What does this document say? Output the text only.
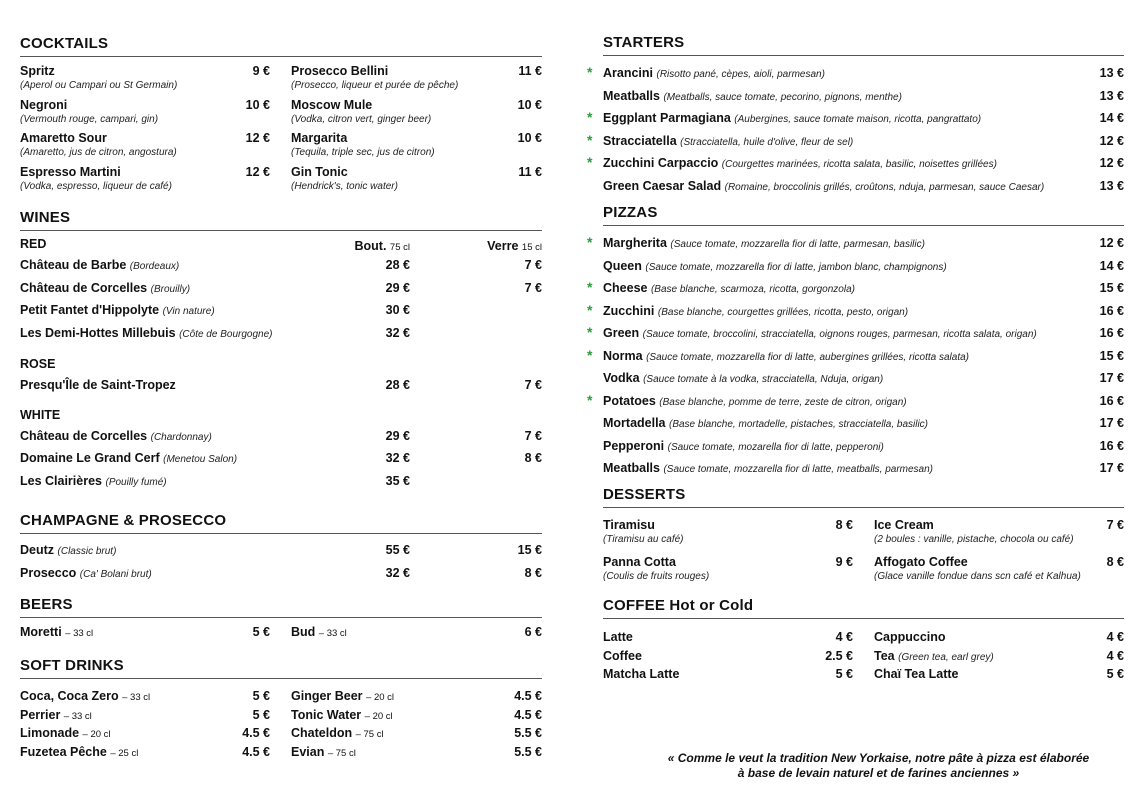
COCKTAILS
Spritz	9 €
(Aperol ou Campari ou St Germain)
Negroni	10 €
(Vermouth rouge, campari, gin)
Amaretto Sour	12 €
(Amaretto, jus de citron, angostura)
Espresso Martini	12 €
(Vodka, espresso, liqueur de café)
Prosecco Bellini	11 €
(Prosecco, liqueur et purée de pêche)
Moscow Mule	10 €
(Vodka, citron vert, ginger beer)
Margarita	10 €
(Tequila, triple sec, jus de citron)
Gin Tonic	11 €
(Hendrick's, tonic water)
WINES
RED	Bout. 75 cl	Verre 15 cl
Château de Barbe (Bordeaux)	28 €	7 €
Château de Corcelles (Brouilly)	29 €	7 €
Petit Fantet d'Hippolyte (Vin nature)	30 €
Les Demi-Hottes Millebuis (Côte de Bourgogne)	32 €
ROSE
Presqu'Île de Saint-Tropez	28 €	7 €
WHITE
Château de Corcelles (Chardonnay)	29 €	7 €
Domaine Le Grand Cerf (Menetou Salon)	32 €	8 €
Les Clairières (Pouilly fumé)	35 €
CHAMPAGNE & PROSECCO
Deutz (Classic brut)	55 €	15 €
Prosecco (Ca' Bolani brut)	32 €	8 €
BEERS
Moretti – 33 cl	5 € Bud – 33 cl	6 €
SOFT DRINKS
Coca, Coca Zero – 33 cl	5 €
Perrier – 33 cl	5 €
Limonade – 20 cl	4.5 €
Fuzetea Pêche – 25 cl	4.5 €
Ginger Beer – 20 cl	4.5 €
Tonic Water – 20 cl	4.5 €
Chateldon – 75 cl	5.5 €
Evian – 75 cl	5.5 €
STARTERS
* Arancini (Risotto pané, cèpes, aioli, parmesan)	13 €
Meatballs (Meatballs, sauce tomate, pecorino, pignons, menthe)	13 €
* Eggplant Parmagiana (Aubergines, sauce tomate maison, ricotta, pangrattato)	14 €
* Stracciatella (Stracciatella, huile d'olive, fleur de sel)	12 €
* Zucchini Carpaccio (Courgettes marinées, ricotta salata, basilic, noisettes grillées)	12 €
Green Caesar Salad (Romaine, broccolinis grillés, croûtons, nduja, parmesan, sauce Caesar)	13 €
PIZZAS
* Margherita (Sauce tomate, mozzarella fior di latte, parmesan, basilic)	12 €
Queen (Sauce tomate, mozzarella fior di latte, jambon blanc, champignons)	14 €
* Cheese (Base blanche, scarmoza, ricotta, gorgonzola)	15 €
* Zucchini (Base blanche, courgettes grillées, ricotta, pesto, origan)	16 €
* Green (Sauce tomate, broccolini, stracciatella, oignons rouges, parmesan, ricotta salata, origan)	16 €
* Norma (Sauce tomate, mozzarella fior di latte, aubergines grillées, ricotta salata)	15 €
Vodka (Sauce tomate à la vodka, stracciatella, Nduja, origan)	17 €
* Potatoes (Base blanche, pomme de terre, zeste de citron, origan)	16 €
Mortadella (Base blanche, mortadelle, pistaches, stracciatella, basilic)	17 €
Pepperoni (Sauce tomate, mozarella fior di latte, pepperoni)	16 €
Meatballs (Sauce tomate, mozzarella fior di latte, meatballs, parmesan)	17 €
DESSERTS
Tiramisu	8 €
(Tiramisu au café)
Panna Cotta	9 €
(Coulis de fruits rouges)
Ice Cream	7 €
(2 boules : vanille, pistache, chocola ou café)
Affogato Coffee	8 €
(Glace vanille fondue dans scn café et Kalhua)
COFFEE Hot or Cold
Latte	4 €
Coffee	2.5 €
Matcha Latte	5 €
Cappuccino	4 €
Tea (Green tea, earl grey)	4 €
Chaï Tea Latte	5 €
« Comme le veut la tradition New Yorkaise, notre pâte à pizza est élaborée
à base de levain naturel et de farines anciennes »
